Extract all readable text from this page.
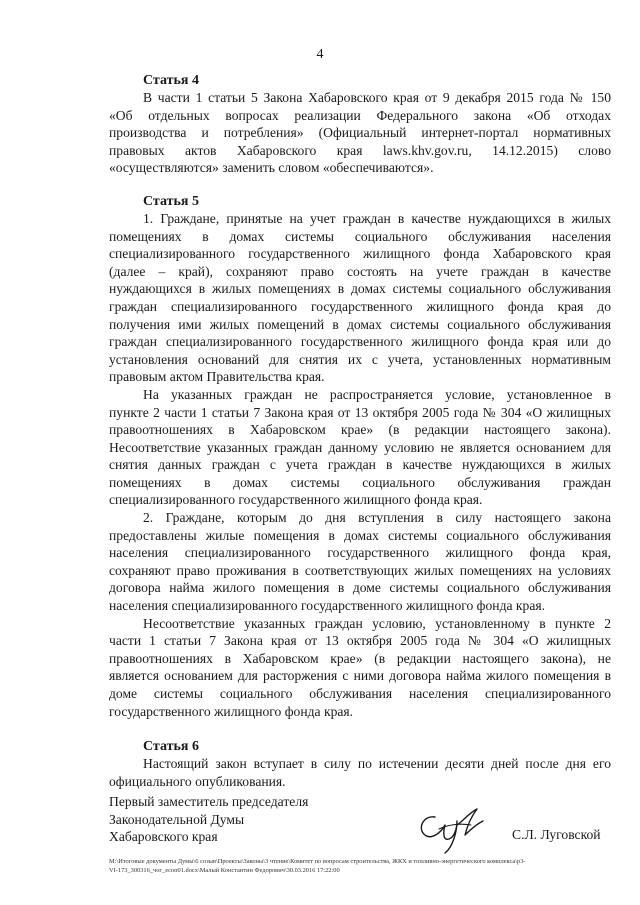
4
Статья 4
В части 1 статьи 5 Закона Хабаровского края от 9 декабря 2015 года № 150
«Об отдельных вопросах реализации Федерального закона «Об отходах
производства и потребления» (Официальный интернет-портал нормативных
правовых актов Хабаровского края laws.khv.gov.ru, 14.12.2015) слово
«осуществляются» заменить словом «обеспечиваются».
Статья 5
1. Граждане, принятые на учет граждан в качестве нуждающихся в жилых
помещениях в домах системы социального обслуживания населения
специализированного государственного жилищного фонда Хабаровского края
(далее – край), сохраняют право состоять на учете граждан в качестве
нуждающихся в жилых помещениях в домах системы социального обслуживания
граждан специализированного государственного жилищного фонда края до
получения ими жилых помещений в домах системы социального обслуживания
граждан специализированного государственного жилищного фонда края или до
установления оснований для снятия их с учета, установленных нормативным
правовым актом Правительства края.
На указанных граждан не распространяется условие, установленное в
пункте 2 части 1 статьи 7 Закона края от 13 октября 2005 года № 304 «О жилищных
правоотношениях в Хабаровском крае» (в редакции настоящего закона).
Несоответствие указанных граждан данному условию не является основанием для
снятия данных граждан с учета граждан в качестве нуждающихся в жилых
помещениях в домах системы социального обслуживания граждан
специализированного государственного жилищного фонда края.
2. Граждане, которым до дня вступления в силу настоящего закона
предоставлены жилые помещения в домах системы социального обслуживания
населения специализированного государственного жилищного фонда края,
сохраняют право проживания в соответствующих жилых помещениях на условиях
договора найма жилого помещения в доме системы социального обслуживания
населения специализированного государственного жилищного фонда края.
Несоответствие указанных граждан условию, установленному в пункте 2
части 1 статьи 7 Закона края от 13 октября 2005 года № 304 «О жилищных
правоотношениях в Хабаровском крае» (в редакции настоящего закона), не
является основанием для расторжения с ними договора найма жилого помещения в
доме системы социального обслуживания населения специализированного
государственного жилищного фонда края.
Статья 6
Настоящий закон вступает в силу по истечении десяти дней после дня его
официального опубликования.
Первый заместитель председателя
Законодательной Думы
Хабаровского края	С.Л. Луговской
M:\Итоговые документы Думы\6 созыв\Проекты\Законы\3 чтение\Комитет по вопросам строительства, ЖКХ и топливно-энергетического комплекса\р3-
VI-173_300316_чог_ecoп01.docx\Малый Константин Федорович\30.03.2016 17:22:00
